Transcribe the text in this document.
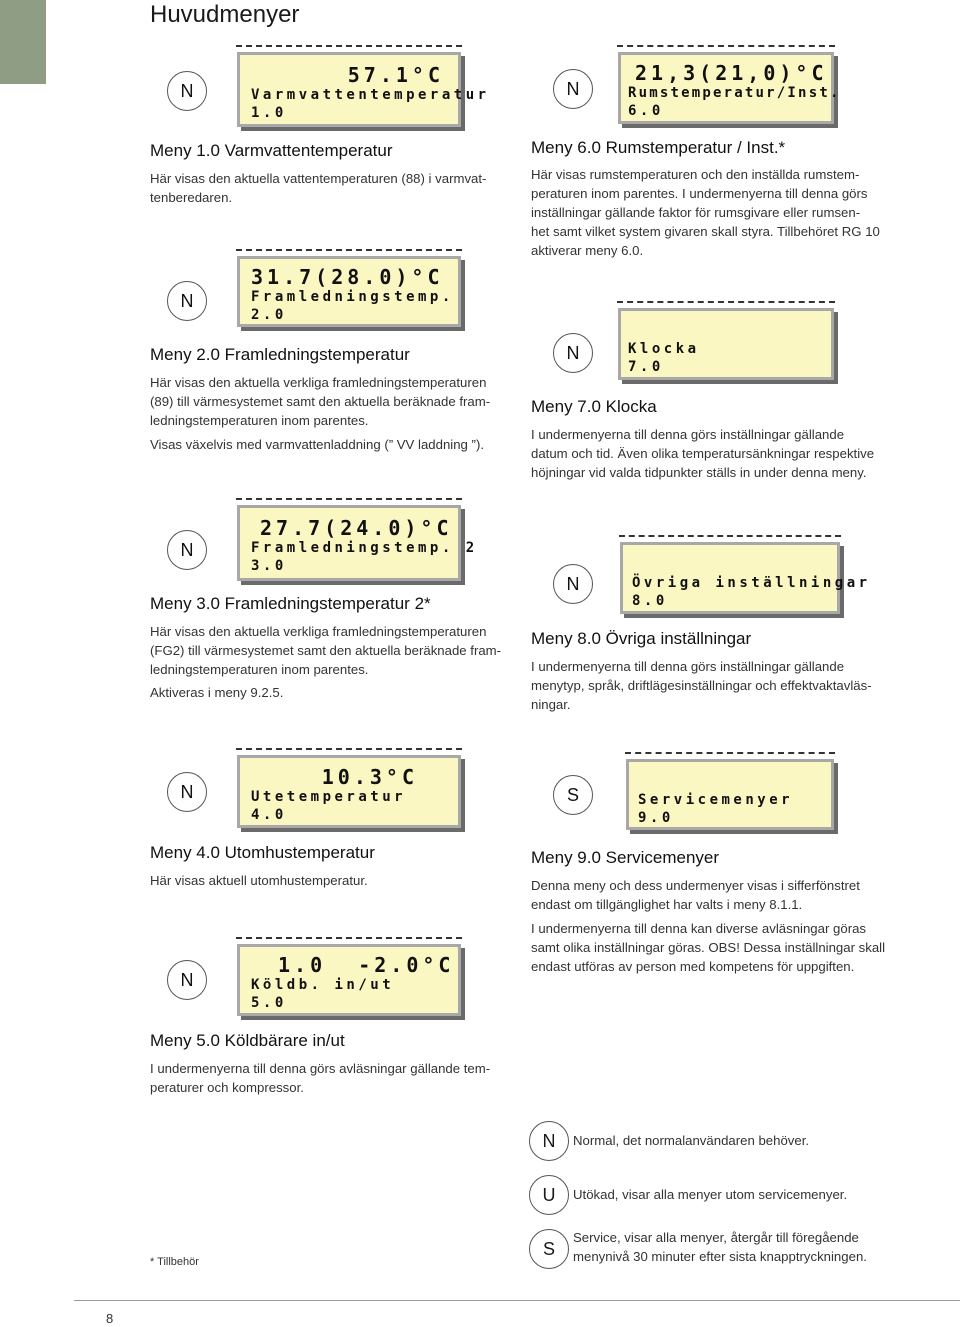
Huvudmenyer
N
57.1°C
Varmvattentemperatur
1.0
Meny 1.0 Varmvattentemperatur
Här visas den aktuella vattentemperaturen (88) i varmvat-
tenberedaren.
N
31.7(28.0)°C
Framledningstemp.
2.0
Meny 2.0 Framledningstemperatur
Här visas den aktuella verkliga framledningstemperaturen
(89) till värmesystemet samt den aktuella beräknade fram-
ledningstemperaturen inom parentes.
Visas växelvis med varmvattenladdning (” VV laddning ”).
N
27.7(24.0)°C
Framledningstemp. 2
3.0
Meny 3.0 Framledningstemperatur 2*
Här visas den aktuella verkliga framledningstemperaturen
(FG2) till värmesystemet samt den aktuella beräknade fram-
ledningstemperaturen inom parentes.
Aktiveras i meny 9.2.5.
N
10.3°C
Utetemperatur
4.0
Meny 4.0 Utomhustemperatur
Här visas aktuell utomhustemperatur.
N
1.0  -2.0°C
Köldb. in/ut
5.0
Meny 5.0 Köldbärare in/ut
I undermenyerna till denna görs avläsningar gällande tem-
peraturer och kompressor.
N
21,3(21,0)°C
Rumstemperatur/Inst.
6.0
Meny 6.0 Rumstemperatur / Inst.*
Här visas rumstemperaturen och den inställda rumstem-
peraturen inom parentes. I undermenyerna till denna görs
inställningar gällande faktor för rumsgivare eller rumsen-
het samt vilket system givaren skall styra. Tillbehöret RG 10
aktiverar meny 6.0.
N	Klocka
7.0
Meny 7.0 Klocka
I undermenyerna till denna görs inställningar gällande
datum och tid. Även olika temperatursänkningar respektive
höjningar vid valda tidpunkter ställs in under denna meny.
N	Övriga inställningar
8.0
Meny 8.0 Övriga inställningar
I undermenyerna till denna görs inställningar gällande
menytyp, språk, driftlägesinställningar och effektvaktavläs-
ningar.
S	Servicemenyer
9.0
Meny 9.0 Servicemenyer
Denna meny och dess undermenyer visas i sifferfönstret
endast om tillgänglighet har valts i meny 8.1.1.
I undermenyerna till denna kan diverse avläsningar göras
samt olika inställningar göras. OBS! Dessa inställningar skall
endast utföras av person med kompetens för uppgiften.
N	Normal, det normalanvändaren behöver.
U	Utökad, visar alla menyer utom servicemenyer.
S
Service, visar alla menyer, återgår till föregående
menynivå 30 minuter efter sista knapptryckningen.
* Tillbehör
8
